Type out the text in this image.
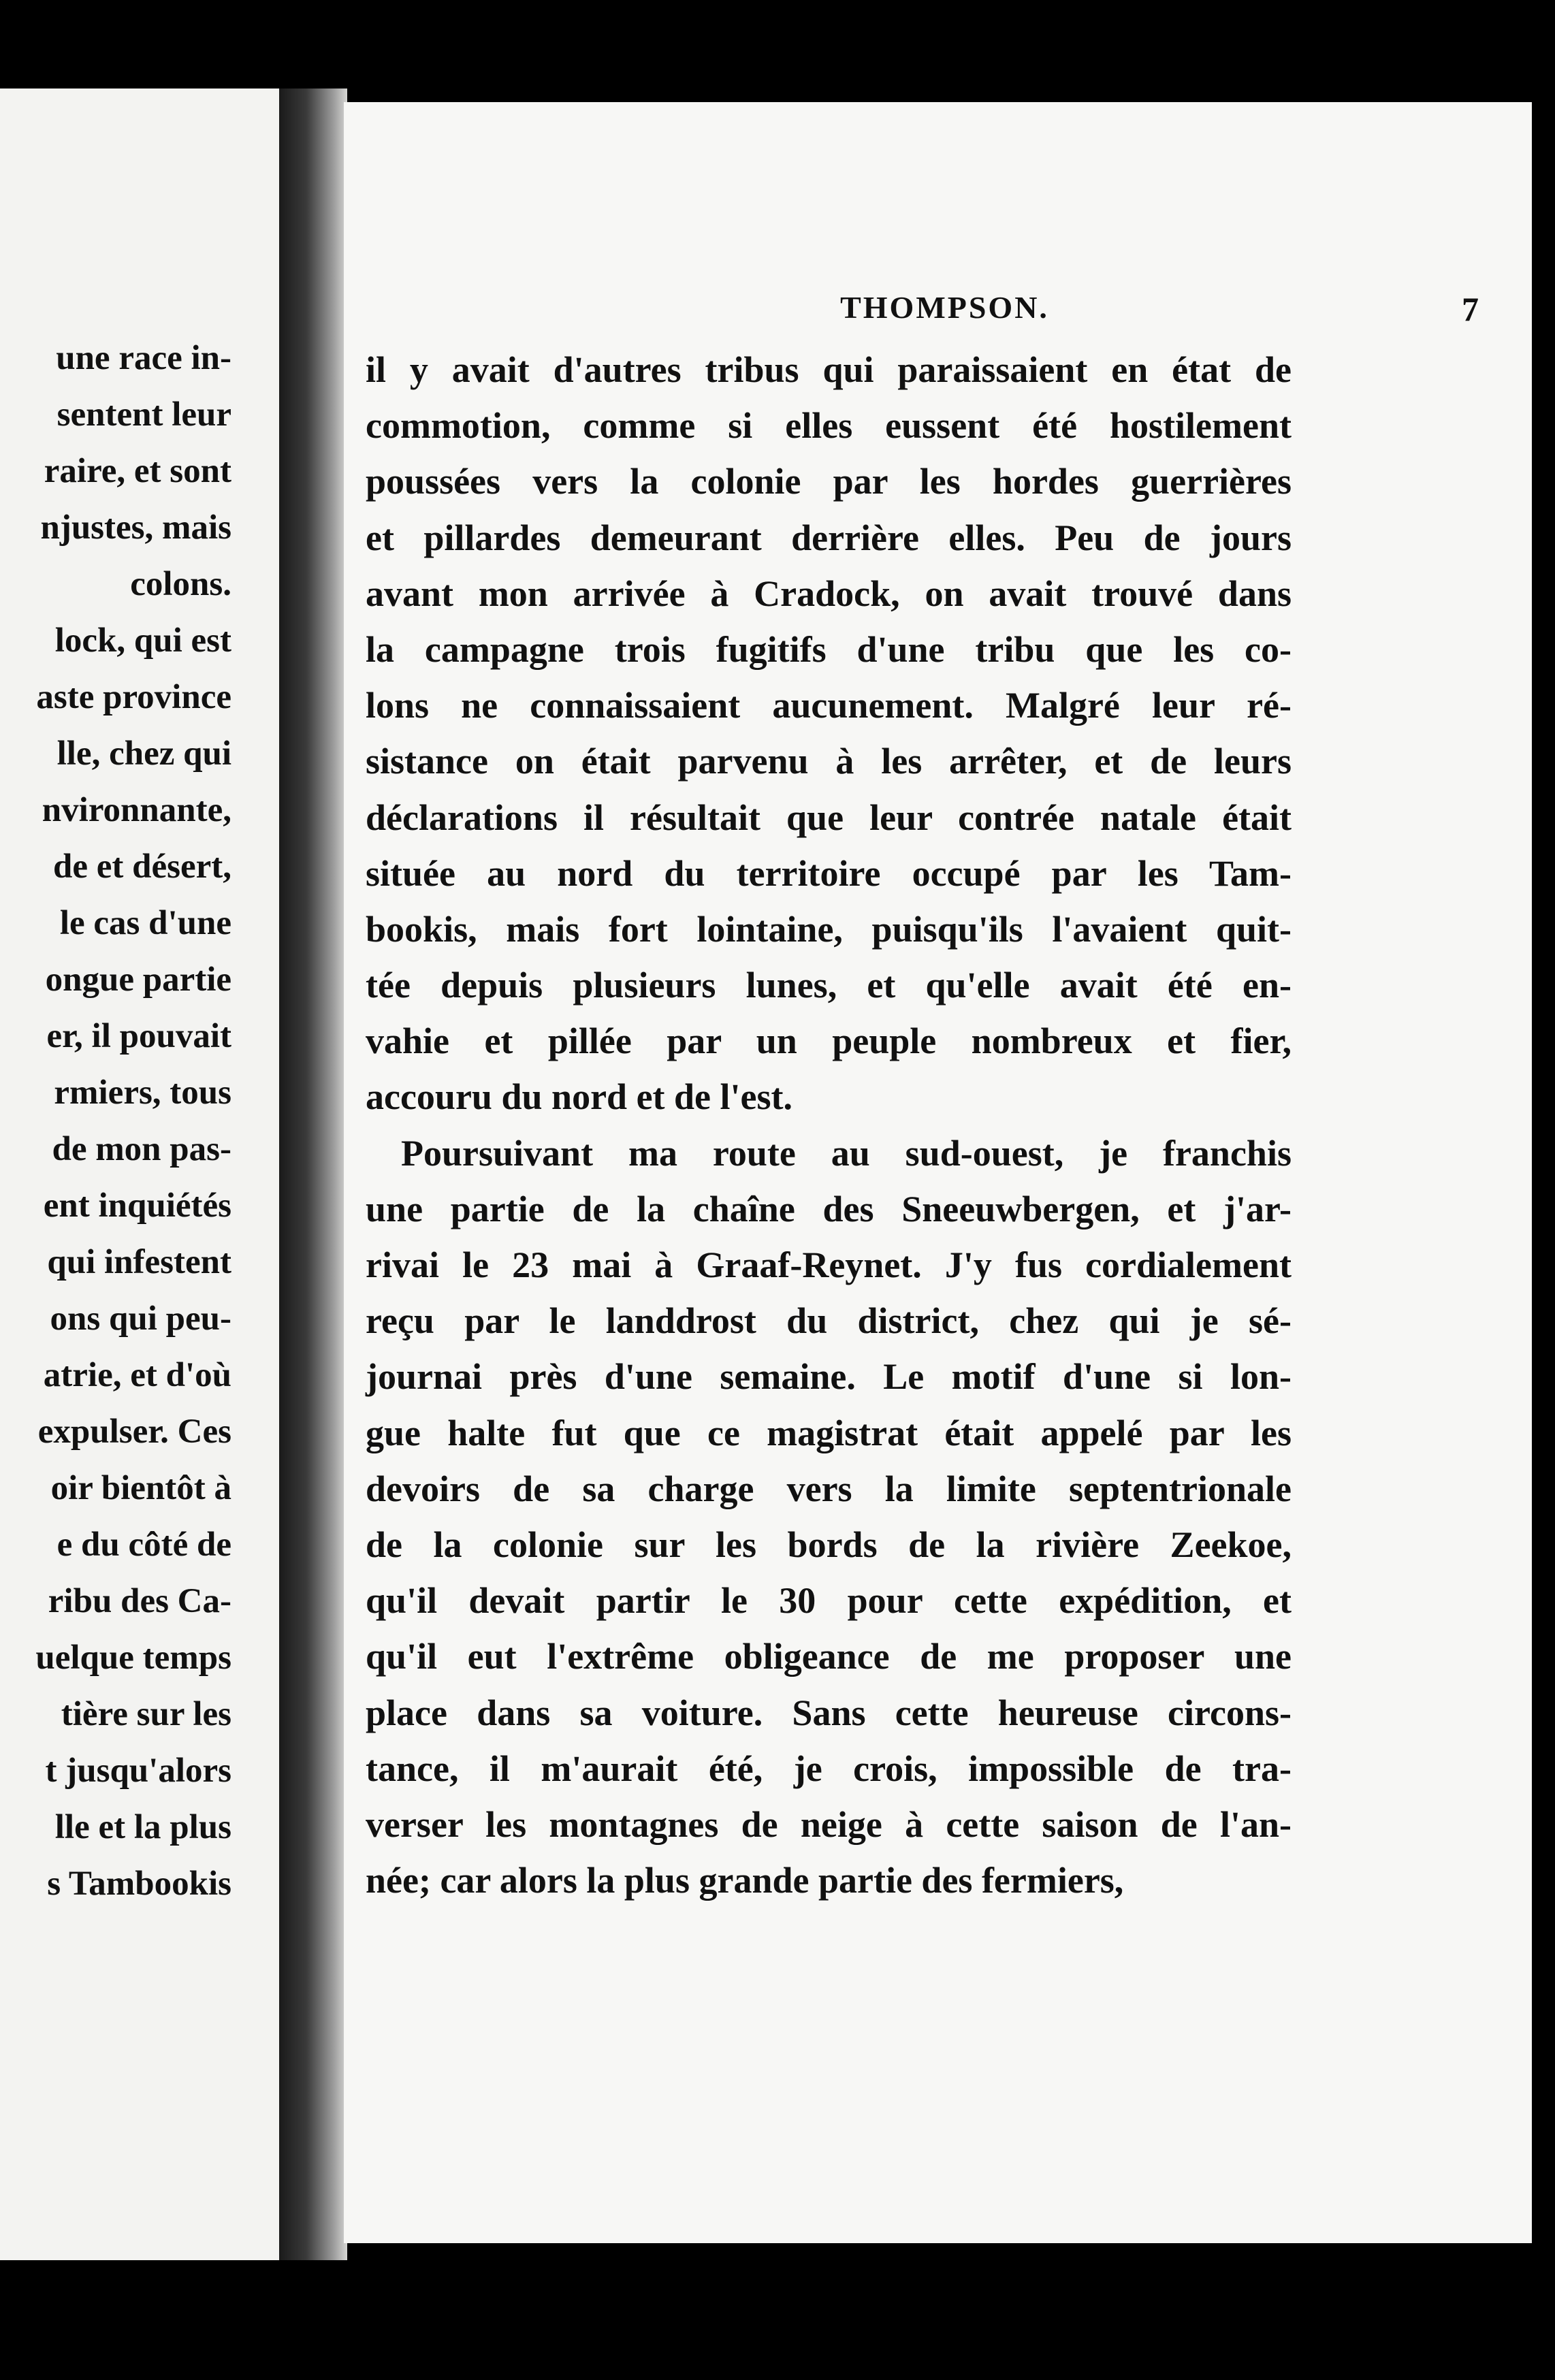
une race in-
sentent leur
raire, et sont
njustes, mais
colons.
lock, qui est
aste province
lle, chez qui
nvironnante,
de et désert,
le cas d'une
ongue partie
er, il pouvait
rmiers, tous
de mon pas-
ent inquiétés
qui infestent
ons qui peu-
atrie, et d'où
expulser. Ces
oir bientôt à
e du côté de
ribu des Ca-
uelque temps
tière sur les
t jusqu'alors
lle et la plus
s Tambookis
THOMPSON.	7
il y avait d'autres tribus qui paraissaient en état de
commotion, comme si elles eussent été hostilement
poussées vers la colonie par les hordes guerrières
et pillardes demeurant derrière elles. Peu de jours
avant mon arrivée à Cradock, on avait trouvé dans
la campagne trois fugitifs d'une tribu que les co-
lons ne connaissaient aucunement. Malgré leur ré-
sistance on était parvenu à les arrêter, et de leurs
déclarations il résultait que leur contrée natale était
située au nord du territoire occupé par les Tam-
bookis, mais fort lointaine, puisqu'ils l'avaient quit-
tée depuis plusieurs lunes, et qu'elle avait été en-
vahie et pillée par un peuple nombreux et fier,
accouru du nord et de l'est.
Poursuivant ma route au sud-ouest, je franchis
une partie de la chaîne des Sneeuwbergen, et j'ar-
rivai le 23 mai à Graaf-Reynet. J'y fus cordialement
reçu par le landdrost du district, chez qui je sé-
journai près d'une semaine. Le motif d'une si lon-
gue halte fut que ce magistrat était appelé par les
devoirs de sa charge vers la limite septentrionale
de la colonie sur les bords de la rivière Zeekoe,
qu'il devait partir le 30 pour cette expédition, et
qu'il eut l'extrême obligeance de me proposer une
place dans sa voiture. Sans cette heureuse circons-
tance, il m'aurait été, je crois, impossible de tra-
verser les montagnes de neige à cette saison de l'an-
née; car alors la plus grande partie des fermiers,
